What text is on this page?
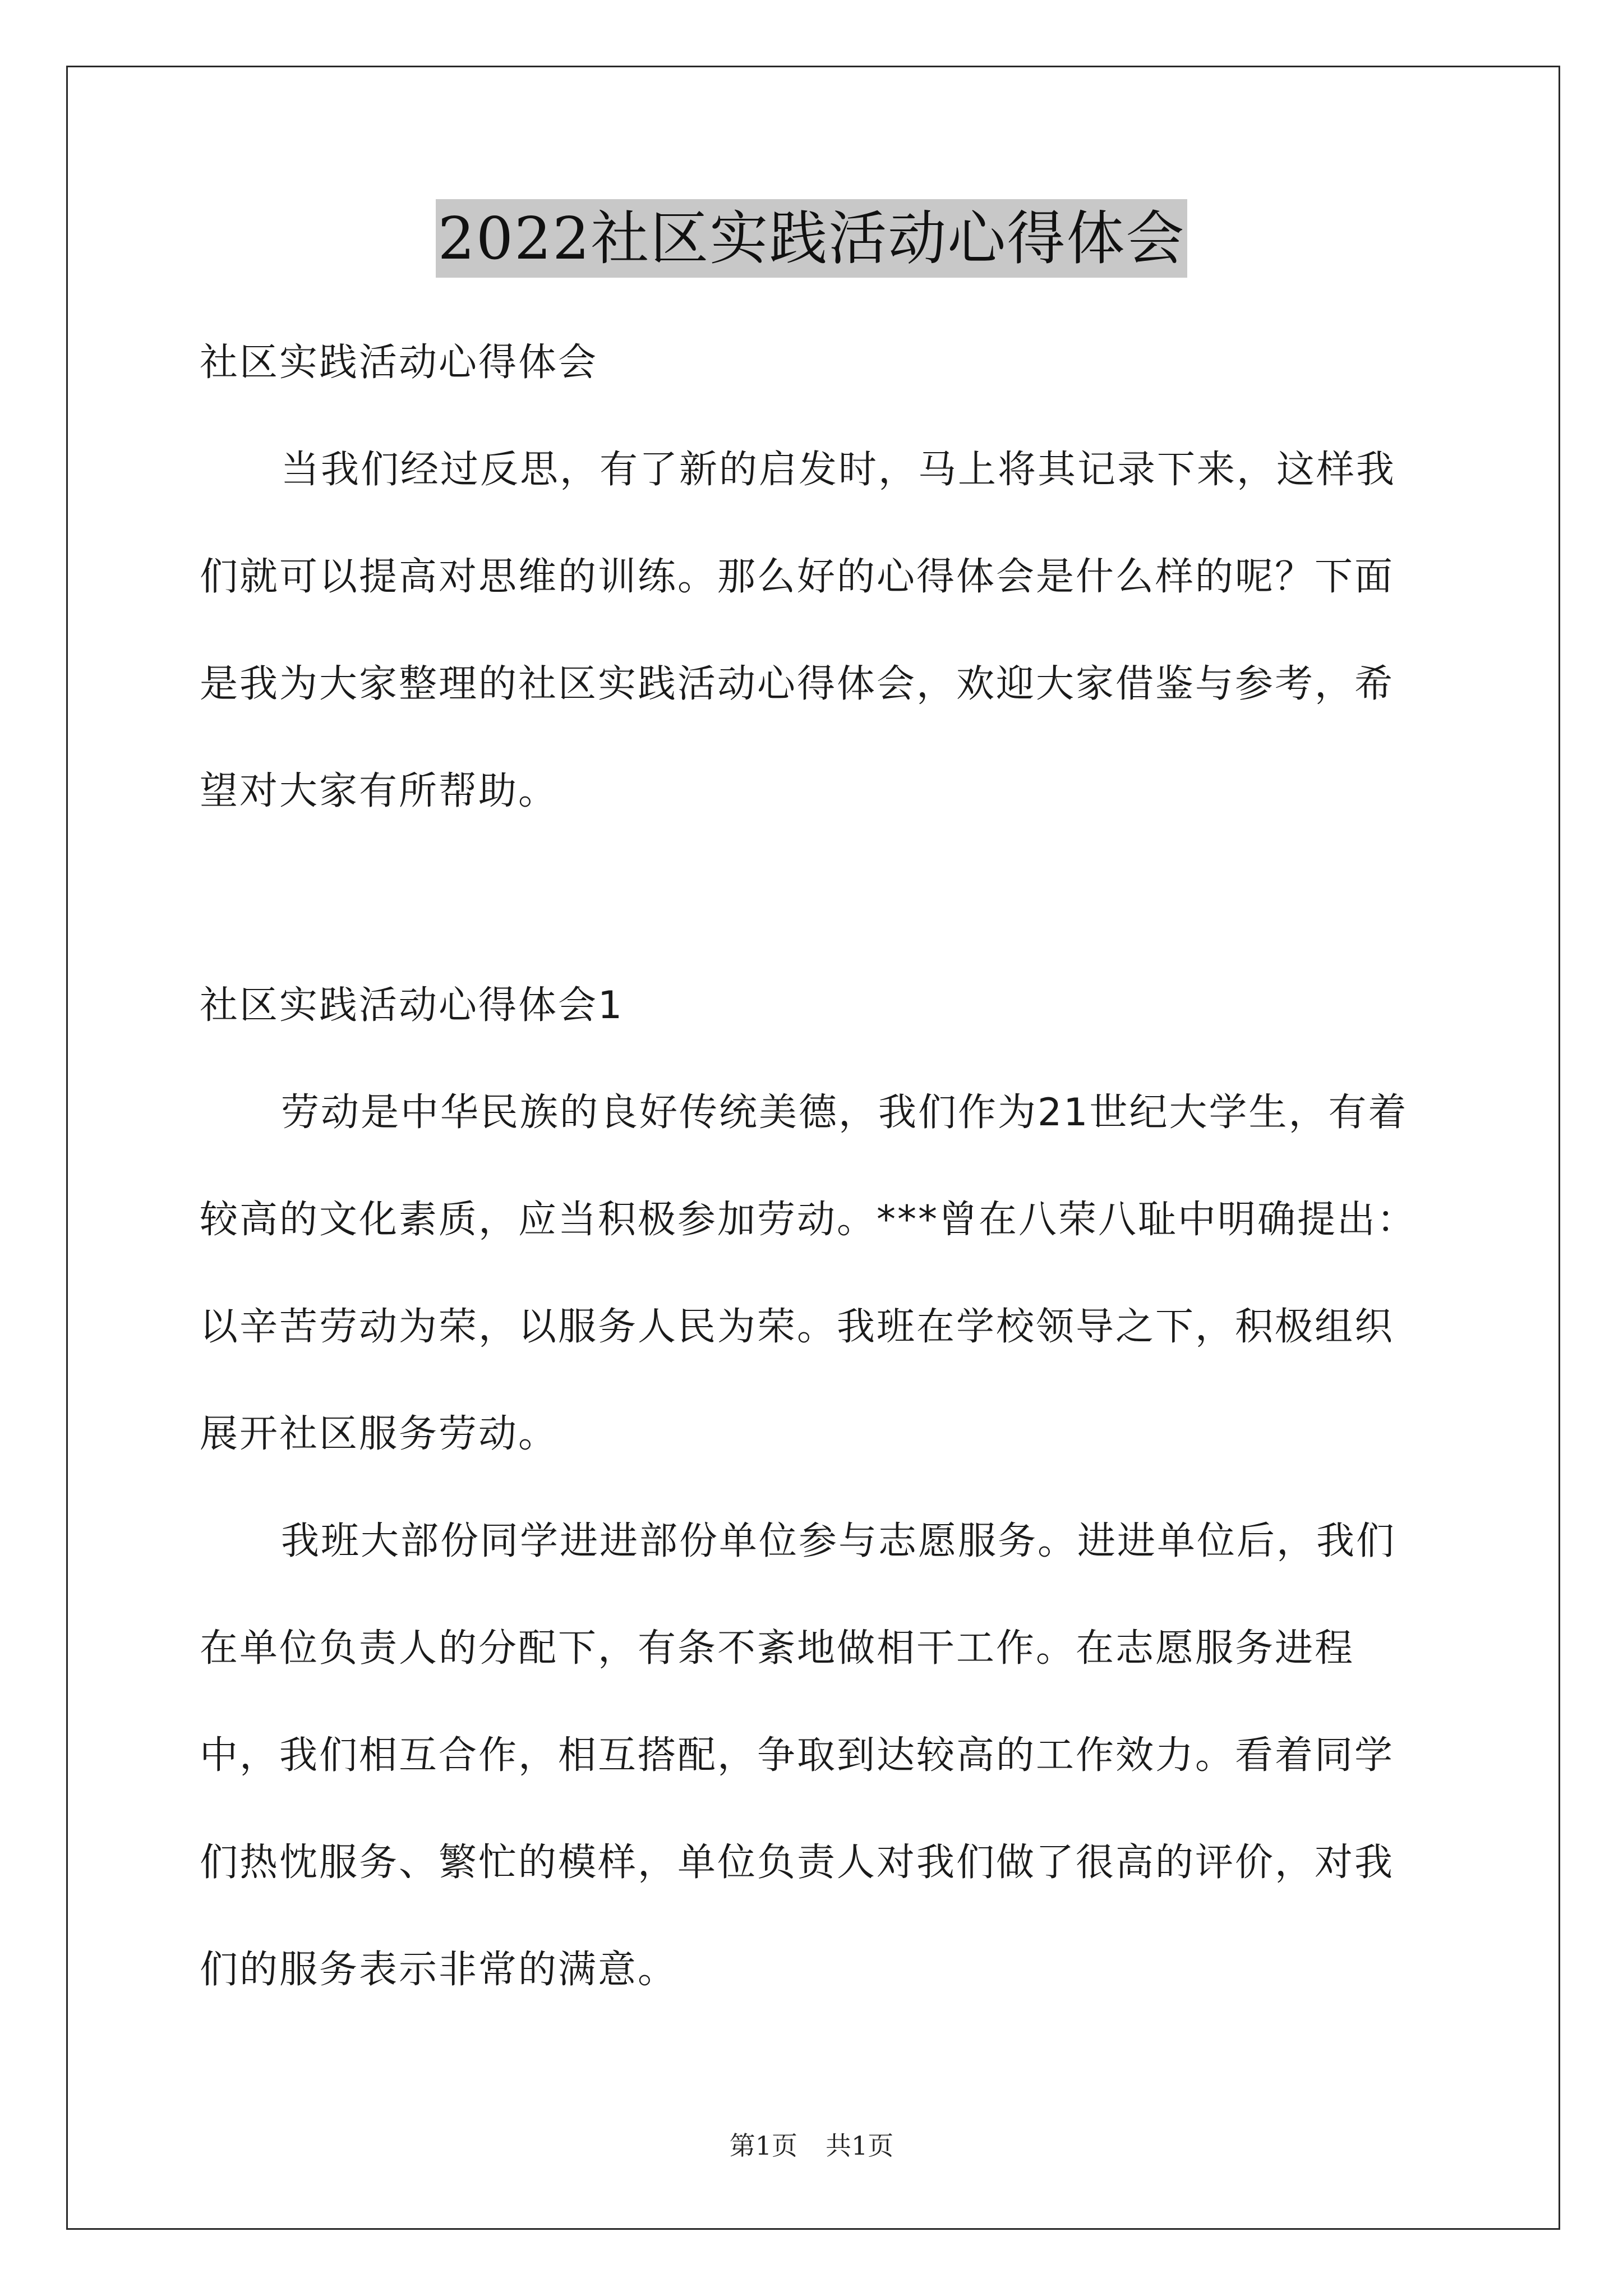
2022社区实践活动心得体会

社区实践活动心得体会

当我们经过反思，有了新的启发时，马上将其记录下来，这样我们就可以提高对思维的训练。那么好的心得体会是什么样的呢？下面是我为大家整理的社区实践活动心得体会，欢迎大家借鉴与参考，希望对大家有所帮助。

社区实践活动心得体会1

劳动是中华民族的良好传统美德，我们作为21世纪大学生，有着较高的文化素质，应当积极参加劳动。***曾在八荣八耻中明确提出：以辛苦劳动为荣，以服务人民为荣。我班在学校领导之下，积极组织展开社区服务劳动。

我班大部份同学进进部份单位参与志愿服务。进进单位后，我们在单位负责人的分配下，有条不紊地做相干工作。在志愿服务进程中，我们相互合作，相互搭配，争取到达较高的工作效力。看着同学们热忱服务、繁忙的模样，单位负责人对我们做了很高的评价，对我们的服务表示非常的满意。

第1页 共1页
